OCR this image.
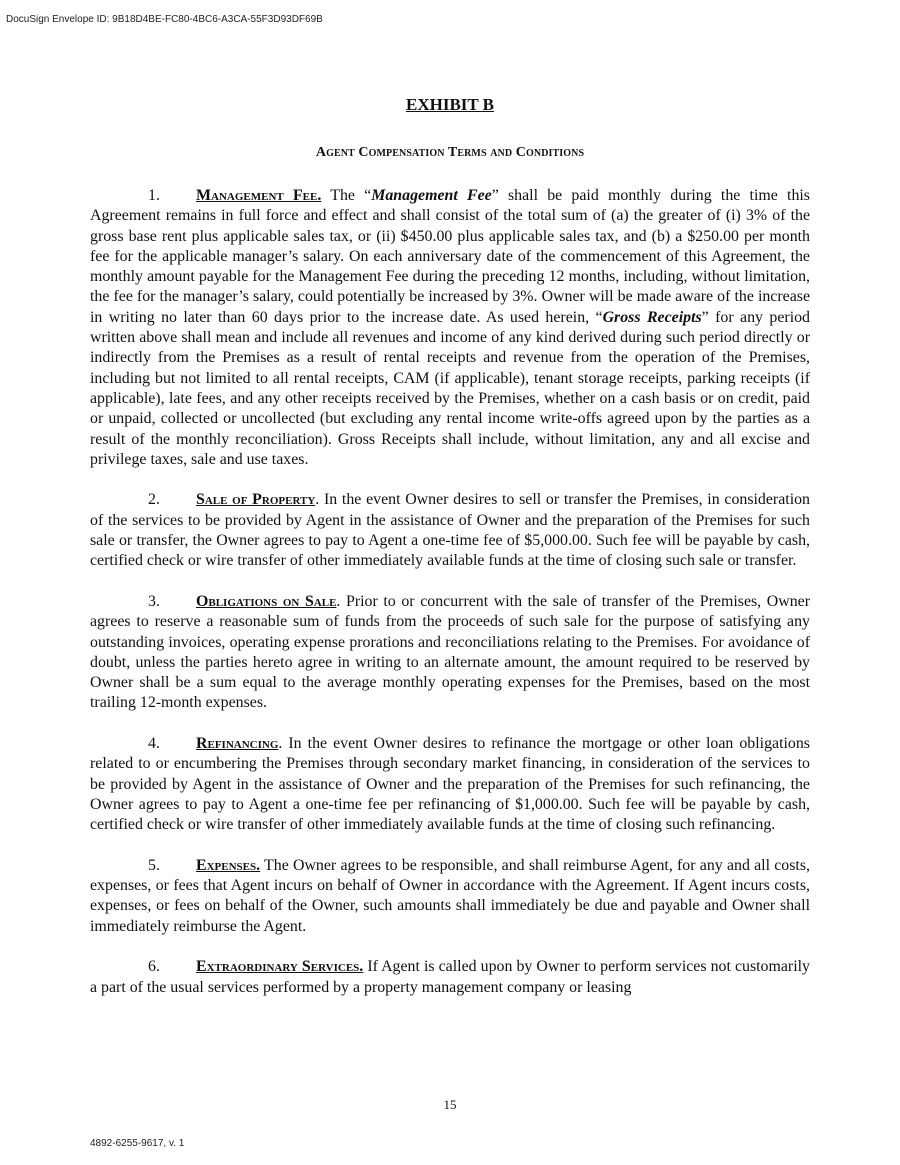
DocuSign Envelope ID: 9B18D4BE-FC80-4BC6-A3CA-55F3D93DF69B
EXHIBIT B
Agent Compensation Terms and Conditions

1. Management Fee. The “Management Fee” shall be paid monthly during the time this Agreement remains in full force and effect and shall consist of the total sum of (a) the greater of (i) 3% of the gross base rent plus applicable sales tax, or (ii) $450.00 plus applicable sales tax, and (b) a $250.00 per month fee for the applicable manager’s salary. On each anniversary date of the commencement of this Agreement, the monthly amount payable for the Management Fee during the preceding 12 months, including, without limitation, the fee for the manager’s salary, could potentially be increased by 3%. Owner will be made aware of the increase in writing no later than 60 days prior to the increase date. As used herein, “Gross Receipts” for any period written above shall mean and include all revenues and income of any kind derived during such period directly or indirectly from the Premises as a result of rental receipts and revenue from the operation of the Premises, including but not limited to all rental receipts, CAM (if applicable), tenant storage receipts, parking receipts (if applicable), late fees, and any other receipts received by the Premises, whether on a cash basis or on credit, paid or unpaid, collected or uncollected (but excluding any rental income write-offs agreed upon by the parties as a result of the monthly reconciliation). Gross Receipts shall include, without limitation, any and all excise and privilege taxes, sale and use taxes.

2. Sale of Property. In the event Owner desires to sell or transfer the Premises, in consideration of the services to be provided by Agent in the assistance of Owner and the preparation of the Premises for such sale or transfer, the Owner agrees to pay to Agent a one-time fee of $5,000.00. Such fee will be payable by cash, certified check or wire transfer of other immediately available funds at the time of closing such sale or transfer.

3. Obligations on Sale. Prior to or concurrent with the sale of transfer of the Premises, Owner agrees to reserve a reasonable sum of funds from the proceeds of such sale for the purpose of satisfying any outstanding invoices, operating expense prorations and reconciliations relating to the Premises. For avoidance of doubt, unless the parties hereto agree in writing to an alternate amount, the amount required to be reserved by Owner shall be a sum equal to the average monthly operating expenses for the Premises, based on the most trailing 12-month expenses.

4. Refinancing. In the event Owner desires to refinance the mortgage or other loan obligations related to or encumbering the Premises through secondary market financing, in consideration of the services to be provided by Agent in the assistance of Owner and the preparation of the Premises for such refinancing, the Owner agrees to pay to Agent a one-time fee per refinancing of $1,000.00. Such fee will be payable by cash, certified check or wire transfer of other immediately available funds at the time of closing such refinancing.

5. Expenses. The Owner agrees to be responsible, and shall reimburse Agent, for any and all costs, expenses, or fees that Agent incurs on behalf of Owner in accordance with the Agreement. If Agent incurs costs, expenses, or fees on behalf of the Owner, such amounts shall immediately be due and payable and Owner shall immediately reimburse the Agent.

6. Extraordinary Services. If Agent is called upon by Owner to perform services not customarily a part of the usual services performed by a property management company or leasing

15
4892-6255-9617, v. 1
